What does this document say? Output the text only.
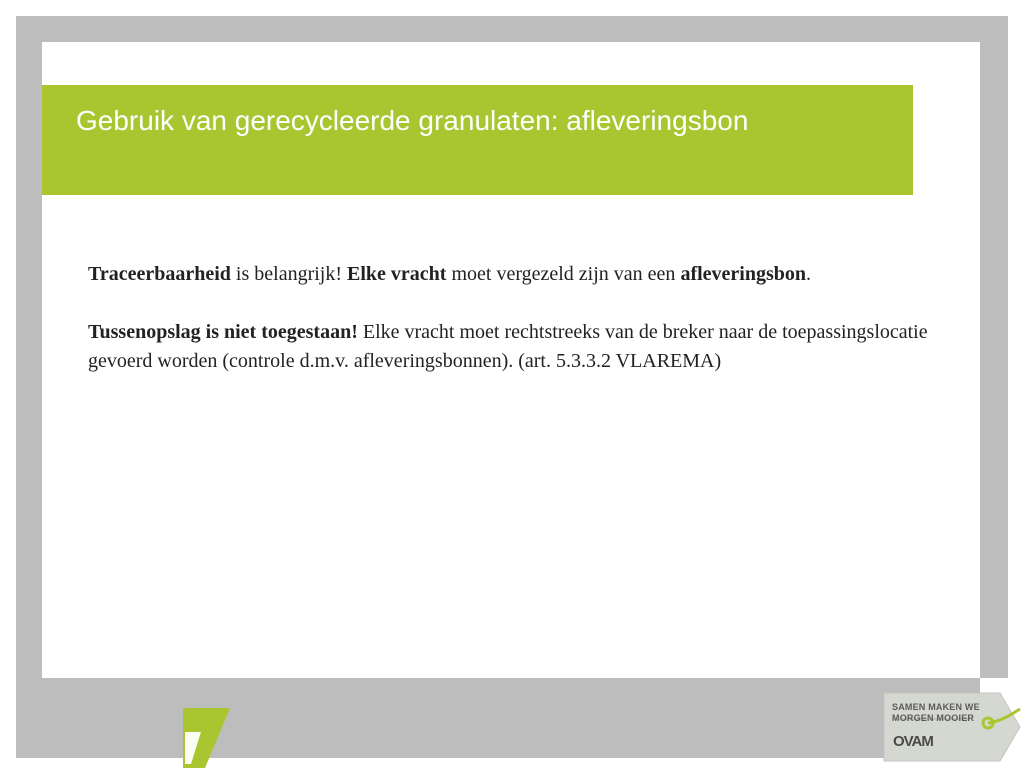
Gebruik van gerecycleerde granulaten: afleveringsbon

Traceerbaarheid is belangrijk! Elke vracht moet vergezeld zijn van een afleveringsbon.

Tussenopslag is niet toegestaan! Elke vracht moet rechtstreeks van de breker naar de toepassingslocatie gevoerd worden (controle d.m.v. afleveringsbonnen). (art. 5.3.3.2 VLAREMA)

SAMEN MAKEN WE
MORGEN MOOIER
OVAM
